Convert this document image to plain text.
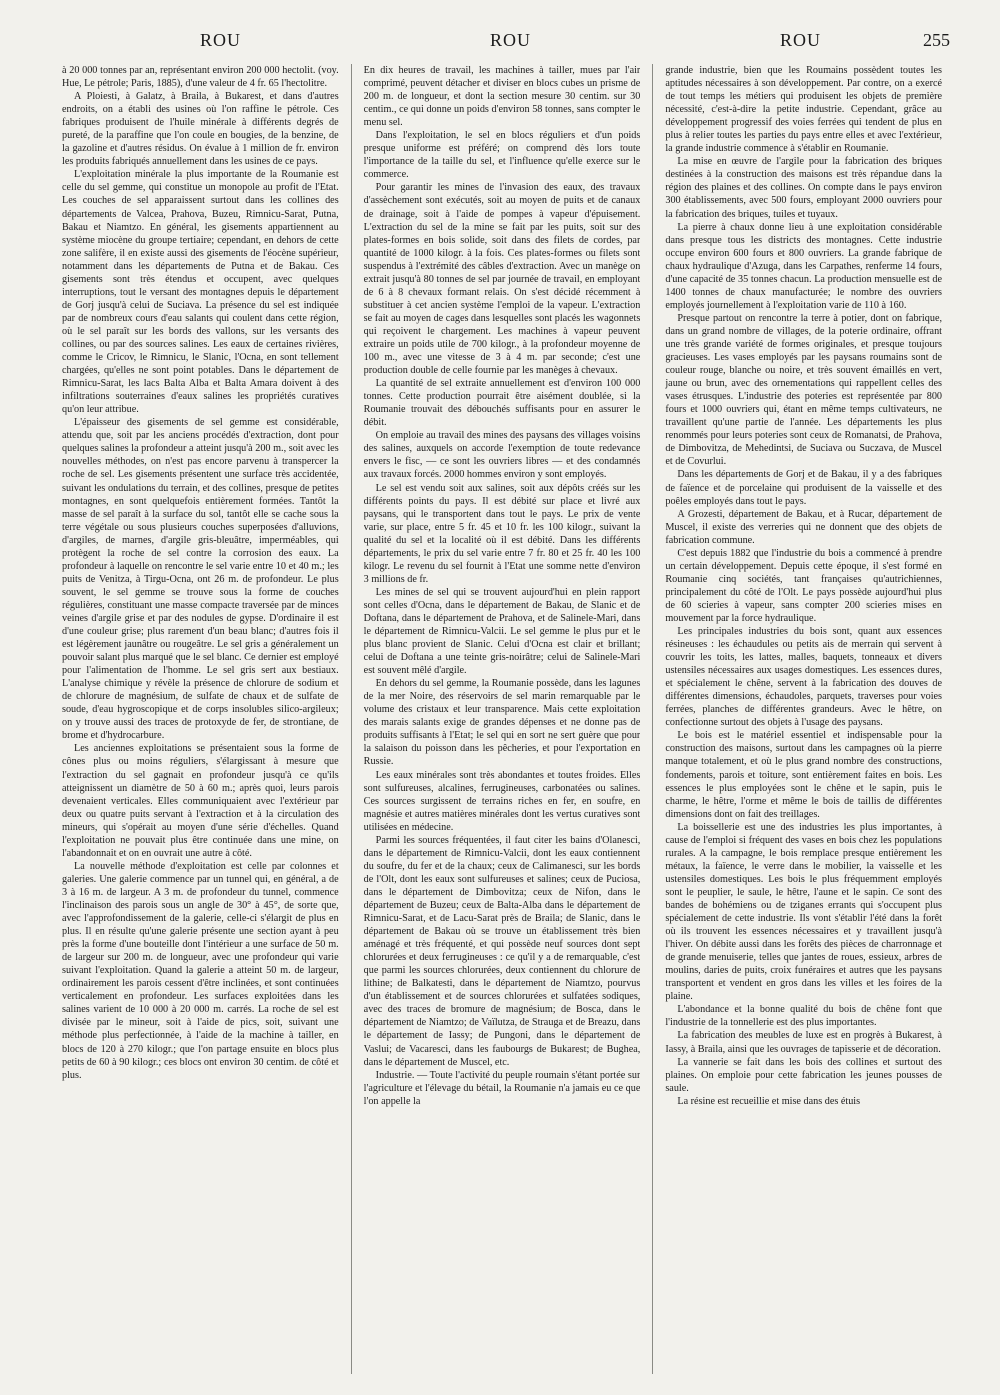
ROU	ROU	ROU	255

à 20 000 tonnes par an, représentant environ 200 000 hectolit. (voy. Hue, Le pétrole; Paris, 1885), d'une valeur de 4 fr. 65 l'hectolitre.

A Ploiesti, à Galatz, à Braila, à Bukarest, et dans d'autres endroits, on a établi des usines où l'on raffine le pétrole. Ces fabriques produisent de l'huile minérale à différents degrés de pureté, de la paraffine que l'on coule en bougies, de la benzine, de la gazoline et d'autres résidus. On évalue à 1 million de fr. environ les produits fabriqués annuellement dans les usines de ce pays.

L'exploitation minérale la plus importante de la Roumanie est celle du sel gemme, qui constitue un monopole au profit de l'Etat. Les couches de sel apparaissent surtout dans les collines des départements de Valcea, Prahova, Buzeu, Rimnicu-Sarat, Putna, Bakau et Niamtzo. En général, les gisements appartiennent au système miocène du groupe tertiaire; cependant, en dehors de cette zone salifère, il en existe aussi des gisements de l'éocène supérieur, notamment dans les départements de Putna et de Bakau. Ces gisements sont très étendus et occupent, avec quelques interruptions, tout le versant des montagnes depuis le département de Gorj jusqu'à celui de Suciava. La présence du sel est indiquée par de nombreux cours d'eau salants qui coulent dans cette région, où le sel paraît sur les bords des vallons, sur les versants des collines, ou par des sources salines. Les eaux de certaines rivières, comme le Cricov, le Rimnicu, le Slanic, l'Ocna, en sont tellement chargées, qu'elles ne sont point potables. Dans le département de Rimnicu-Sarat, les lacs Balta Alba et Balta Amara doivent à des infiltrations souterraines d'eaux salines les propriétés curatives qu'on leur attribue.

L'épaisseur des gisements de sel gemme est considérable, attendu que, soit par les anciens procédés d'extraction, dont pour quelques salines la profondeur a atteint jusqu'à 200 m., soit avec les nouvelles méthodes, on n'est pas encore parvenu à transpercer la roche de sel. Les gisements présentent une surface très accidentée, suivant les ondulations du terrain, et des collines, presque de petites montagnes, en sont quelquefois entièrement formées. Tantôt la masse de sel paraît à la surface du sol, tantôt elle se cache sous la terre végétale ou sous plusieurs couches superposées d'alluvions, d'argiles, de marnes, d'argile gris-bleuâtre, imperméables, qui protègent la roche de sel contre la corrosion des eaux. La profondeur à laquelle on rencontre le sel varie entre 10 et 40 m.; les puits de Venitza, à Tirgu-Ocna, ont 26 m. de profondeur. Le plus souvent, le sel gemme se trouve sous la forme de couches régulières, constituant une masse compacte traversée par de minces veines d'argile grise et par des nodules de gypse. D'ordinaire il est d'une couleur grise; plus rarement d'un beau blanc; d'autres fois il est légèrement jaunâtre ou rougeâtre. Le sel gris a généralement un pouvoir salant plus marqué que le sel blanc. Ce dernier est employé pour l'alimentation de l'homme. Le sel gris sert aux bestiaux. L'analyse chimique y révèle la présence de chlorure de sodium et de chlorure de magnésium, de sulfate de chaux et de sulfate de soude, d'eau hygroscopique et de corps insolubles silico-argileux; on y trouve aussi des traces de protoxyde de fer, de strontiane, de brome et d'hydrocarbure.

Les anciennes exploitations se présentaient sous la forme de cônes plus ou moins réguliers, s'élargissant à mesure que l'extraction du sel gagnait en profondeur jusqu'à ce qu'ils atteignissent un diamètre de 50 à 60 m.; après quoi, leurs parois devenaient verticales. Elles communiquaient avec l'extérieur par deux ou quatre puits servant à l'extraction et à la circulation des mineurs, qui s'opérait au moyen d'une série d'échelles. Quand l'exploitation ne pouvait plus être continuée dans une mine, on l'abandonnait et on en ouvrait une autre à côté.

La nouvelle méthode d'exploitation est celle par colonnes et galeries. Une galerie commence par un tunnel qui, en général, a de 3 à 16 m. de largeur. A 3 m. de profondeur du tunnel, commence l'inclinaison des parois sous un angle de 30° à 45°, de sorte que, avec l'approfondissement de la galerie, celle-ci s'élargit de plus en plus. Il en résulte qu'une galerie présente une section ayant à peu près la forme d'une bouteille dont l'intérieur a une surface de 50 m. de largeur sur 200 m. de longueur, avec une profondeur qui varie suivant l'exploitation. Quand la galerie a atteint 50 m. de largeur, ordinairement les parois cessent d'être inclinées, et sont continuées verticalement en profondeur. Les surfaces exploitées dans les salines varient de 10 000 à 20 000 m. carrés. La roche de sel est divisée par le mineur, soit à l'aide de pics, soit, suivant une méthode plus perfectionnée, à l'aide de la machine à tailler, en blocs de 120 à 270 kilogr.; que l'on partage ensuite en blocs plus petits de 60 à 90 kilogr.; ces blocs ont environ 30 centim. de côté et plus.

En dix heures de travail, les machines à tailler, mues par l'air comprimé, peuvent détacher et diviser en blocs cubes un prisme de 200 m. de longueur, et dont la section mesure 30 centim. sur 30 centim., ce qui donne un poids d'environ 58 tonnes, sans compter le menu sel.

Dans l'exploitation, le sel en blocs réguliers et d'un poids presque uniforme est préféré; on comprend dès lors toute l'importance de la taille du sel, et l'influence qu'elle exerce sur le commerce.

Pour garantir les mines de l'invasion des eaux, des travaux d'assèchement sont exécutés, soit au moyen de puits et de canaux de drainage, soit à l'aide de pompes à vapeur d'épuisement. L'extraction du sel de la mine se fait par les puits, soit sur des plates-formes en bois solide, soit dans des filets de cordes, par quantité de 1000 kilogr. à la fois. Ces plates-formes ou filets sont suspendus à l'extrémité des câbles d'extraction. Avec un manège on extrait jusqu'à 80 tonnes de sel par journée de travail, en employant de 6 à 8 chevaux formant relais. On s'est décidé récemment à substituer à cet ancien système l'emploi de la vapeur. L'extraction se fait au moyen de cages dans lesquelles sont placés les wagonnets qui reçoivent le chargement. Les machines à vapeur peuvent extraire un poids utile de 700 kilogr., à la profondeur moyenne de 100 m., avec une vitesse de 3 à 4 m. par seconde; c'est une production double de celle fournie par les manèges à chevaux.

La quantité de sel extraite annuellement est d'environ 100 000 tonnes. Cette production pourrait être aisément doublée, si la Roumanie trouvait des débouchés suffisants pour en assurer le débit.

On emploie au travail des mines des paysans des villages voisins des salines, auxquels on accorde l'exemption de toute redevance envers le fisc, — ce sont les ouvriers libres — et des condamnés aux travaux forcés. 2000 hommes environ y sont employés.

Le sel est vendu soit aux salines, soit aux dépôts créés sur les différents points du pays. Il est débité sur place et livré aux paysans, qui le transportent dans tout le pays. Le prix de vente varie, sur place, entre 5 fr. 45 et 10 fr. les 100 kilogr., suivant la qualité du sel et la localité où il est débité. Dans les différents départements, le prix du sel varie entre 7 fr. 80 et 25 fr. 40 les 100 kilogr. Le revenu du sel fournit à l'Etat une somme nette d'environ 3 millions de fr.

Les mines de sel qui se trouvent aujourd'hui en plein rapport sont celles d'Ocna, dans le département de Bakau, de Slanic et de Doftana, dans le département de Prahova, et de Salinele-Mari, dans le département de Rimnicu-Valcii. Le sel gemme le plus pur et le plus blanc provient de Slanic. Celui d'Ocna est clair et brillant; celui de Doftana a une teinte gris-noirâtre; celui de Salinele-Mari est souvent mêlé d'argile.

En dehors du sel gemme, la Roumanie possède, dans les lagunes de la mer Noire, des réservoirs de sel marin remarquable par le volume des cristaux et leur transparence. Mais cette exploitation des marais salants exige de grandes dépenses et ne donne pas de produits suffisants à l'Etat; le sel qui en sort ne sert guère que pour la salaison du poisson dans les pêcheries, et pour l'exportation en Russie.

Les eaux minérales sont très abondantes et toutes froides. Elles sont sulfureuses, alcalines, ferrugineuses, carbonatées ou salines. Ces sources surgissent de terrains riches en fer, en soufre, en magnésie et autres matières minérales dont les vertus curatives sont utilisées en médecine.

Parmi les sources fréquentées, il faut citer les bains d'Olanesci, dans le département de Rimnicu-Valcii, dont les eaux contiennent du soufre, du fer et de la chaux; ceux de Calimanesci, sur les bords de l'Olt, dont les eaux sont sulfureuses et salines; ceux de Puciosa, dans le département de Dimbovitza; ceux de Nifon, dans le département de Buzeu; ceux de Balta-Alba dans le département de Rimnicu-Sarat, et de Lacu-Sarat près de Braila; de Slanic, dans le département de Bakau où se trouve un établissement très bien aménagé et très fréquenté, et qui possède neuf sources dont sept chlorurées et deux ferrugineuses : ce qu'il y a de remarquable, c'est que parmi les sources chlorurées, deux contiennent du chlorure de lithine; de Balkatesti, dans le département de Niamtzo, pourvus d'un établissement et de sources chlorurées et sulfatées sodiques, avec des traces de bromure de magnésium; de Bosca, dans le département de Niamtzo; de Vaïlutza, de Strauga et de Breazu, dans le département de Iassy; de Pungoni, dans le département de Vaslui; de Vacaresci, dans les faubourgs de Bukarest; de Bughea, dans le département de Muscel, etc.

Industrie. — Toute l'activité du peuple roumain s'étant portée sur l'agriculture et l'élevage du bétail, la Roumanie n'a jamais eu ce que l'on appelle la

grande industrie, bien que les Roumains possèdent toutes les aptitudes nécessaires à son développement. Par contre, on a exercé de tout temps les métiers qui produisent les objets de première nécessité, c'est-à-dire la petite industrie. Cependant, grâce au développement progressif des voies ferrées qui tendent de plus en plus à relier toutes les parties du pays entre elles et avec l'extérieur, la grande industrie commence à s'établir en Roumanie.

La mise en œuvre de l'argile pour la fabrication des briques destinées à la construction des maisons est très répandue dans la région des plaines et des collines. On compte dans le pays environ 300 établissements, avec 500 fours, employant 2000 ouvriers pour la fabrication des briques, tuiles et tuyaux.

La pierre à chaux donne lieu à une exploitation considérable dans presque tous les districts des montagnes. Cette industrie occupe environ 600 fours et 800 ouvriers. La grande fabrique de chaux hydraulique d'Azuga, dans les Carpathes, renferme 14 fours, d'une capacité de 35 tonnes chacun. La production mensuelle est de 1400 tonnes de chaux manufacturée; le nombre des ouvriers employés journellement à l'exploitation varie de 110 à 160.

Presque partout on rencontre la terre à potier, dont on fabrique, dans un grand nombre de villages, de la poterie ordinaire, offrant une très grande variété de formes originales, et presque toujours gracieuses. Les vases employés par les paysans roumains sont de couleur rouge, blanche ou noire, et très souvent émaillés en vert, jaune ou brun, avec des ornementations qui rappellent celles des vases étrusques. L'industrie des poteries est représentée par 800 fours et 1000 ouvriers qui, étant en même temps cultivateurs, ne travaillent qu'une partie de l'année. Les départements les plus renommés pour leurs poteries sont ceux de Romanatsi, de Prahova, de Dimbovitza, de Mehedintsi, de Suciava ou Suczava, de Muscel et de Covurlui.

Dans les départements de Gorj et de Bakau, il y a des fabriques de faïence et de porcelaine qui produisent de la vaisselle et des poêles employés dans tout le pays.

A Grozesti, département de Bakau, et à Rucar, département de Muscel, il existe des verreries qui ne donnent que des objets de fabrication commune.

C'est depuis 1882 que l'industrie du bois a commencé à prendre un certain développement. Depuis cette époque, il s'est formé en Roumanie cinq sociétés, tant françaises qu'autrichiennes, principalement du côté de l'Olt. Le pays possède aujourd'hui plus de 60 scieries à vapeur, sans compter 200 scieries mises en mouvement par la force hydraulique.

Les principales industries du bois sont, quant aux essences résineuses : les échaudules ou petits ais de merrain qui servent à couvrir les toits, les lattes, malles, baquets, tonneaux et divers ustensiles nécessaires aux usages domestiques. Les essences dures, et spécialement le chêne, servent à la fabrication des douves de différentes dimensions, échaudoles, parquets, traverses pour voies ferrées, planches de différentes grandeurs. Avec le hêtre, on confectionne surtout des objets à l'usage des paysans.

Le bois est le matériel essentiel et indispensable pour la construction des maisons, surtout dans les campagnes où la pierre manque totalement, et où le plus grand nombre des constructions, fondements, parois et toiture, sont entièrement faites en bois. Les essences le plus employées sont le chêne et le sapin, puis le charme, le hêtre, l'orme et même le bois de taillis de différentes dimensions dont on fait des treillages.

La boissellerie est une des industries les plus importantes, à cause de l'emploi si fréquent des vases en bois chez les populations rurales. A la campagne, le bois remplace presque entièrement les métaux, la faïence, le verre dans le mobilier, la vaisselle et les ustensiles domestiques. Les bois le plus fréquemment employés sont le peuplier, le saule, le hêtre, l'aune et le sapin. Ce sont des bandes de bohémiens ou de tziganes errants qui s'occupent plus spécialement de cette industrie. Ils vont s'établir l'été dans la forêt où ils trouvent les essences nécessaires et y travaillent jusqu'à l'hiver. On débite aussi dans les forêts des pièces de charronnage et de grande menuiserie, telles que jantes de roues, essieux, arbres de moulins, daries de puits, croix funéraires et autres que les paysans transportent et vendent en gros dans les villes et les foires de la plaine.

L'abondance et la bonne qualité du bois de chêne font que l'industrie de la tonnellerie est des plus importantes.

La fabrication des meubles de luxe est en progrès à Bukarest, à Iassy, à Braila, ainsi que les ouvrages de tapisserie et de décoration.

La vannerie se fait dans les bois des collines et surtout des plaines. On emploie pour cette fabrication les jeunes pousses de saule.

La résine est recueillie et mise dans des étuis
